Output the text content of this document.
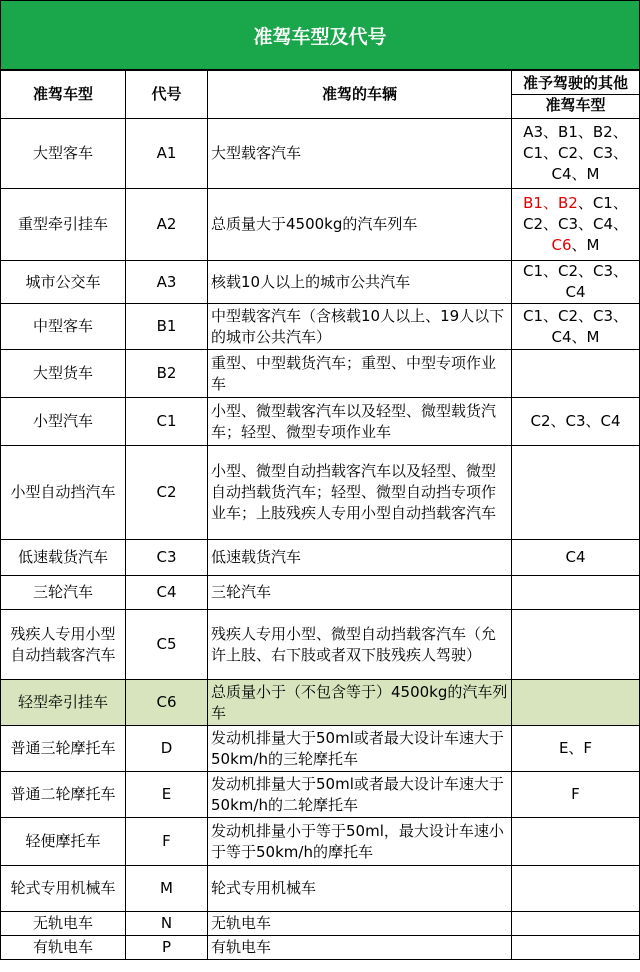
准驾车型及代号
准驾车型	代号	准驾的车辆	准予驾驶的其他
准驾车型

大型客车	A1	大型载客汽车	A3、B1、B2、C1、C2、C3、C4、M
重型牵引挂车	A2	总质量大于4500kg的汽车列车	B1、B2、C1、C2、C3、C4、C6、M
城市公交车	A3	核载10人以上的城市公共汽车	C1、C2、C3、C4
中型客车	B1	中型载客汽车（含核载10人以上、19人以下的城市公共汽车）	C1、C2、C3、C4、M
大型货车	B2	重型、中型载货汽车；重型、中型专项作业车	
小型汽车	C1	小型、微型载客汽车以及轻型、微型载货汽车；轻型、微型专项作业车	C2、C3、C4
小型自动挡汽车	C2	小型、微型自动挡载客汽车以及轻型、微型自动挡载货汽车；轻型、微型自动挡专项作业车；上肢残疾人专用小型自动挡载客汽车	
低速载货汽车	C3	低速载货汽车	C4
三轮汽车	C4	三轮汽车	
残疾人专用小型自动挡载客汽车	C5	残疾人专用小型、微型自动挡载客汽车（允许上肢、右下肢或者双下肢残疾人驾驶）	
轻型牵引挂车	C6	总质量小于（不包含等于）4500kg的汽车列车	
普通三轮摩托车	D	发动机排量大于50ml或者最大设计车速大于50km/h的三轮摩托车	E、F
普通二轮摩托车	E	发动机排量大于50ml或者最大设计车速大于50km/h的二轮摩托车	F
轻便摩托车	F	发动机排量小于等于50ml，最大设计车速小于等于50km/h的摩托车	
轮式专用机械车	M	轮式专用机械车	
无轨电车	N	无轨电车	
有轨电车	P	有轨电车	
